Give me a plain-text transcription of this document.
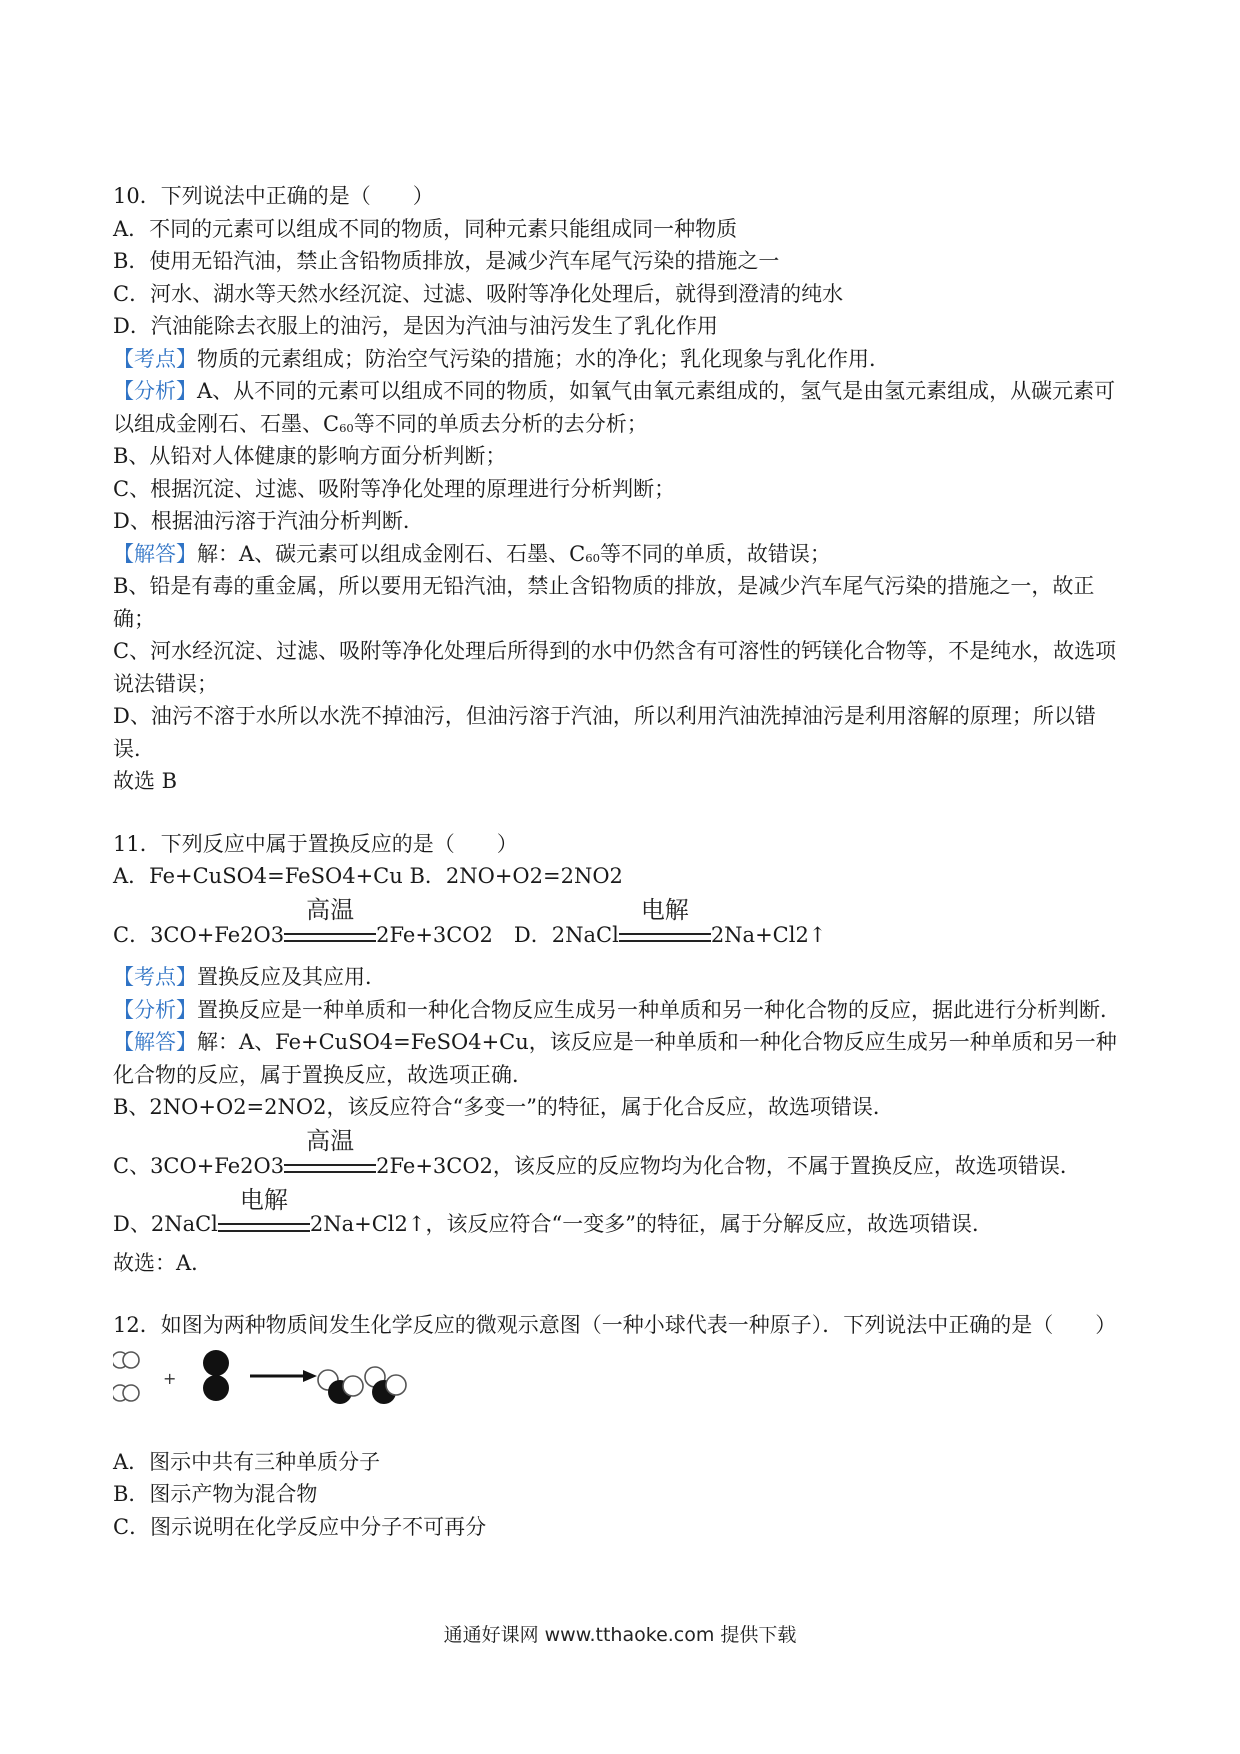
10．下列说法中正确的是（　　）
A．不同的元素可以组成不同的物质，同种元素只能组成同一种物质
B．使用无铅汽油，禁止含铅物质排放，是减少汽车尾气污染的措施之一
C．河水、湖水等天然水经沉淀、过滤、吸附等净化处理后，就得到澄清的纯水
D．汽油能除去衣服上的油污，是因为汽油与油污发生了乳化作用
【考点】物质的元素组成；防治空气污染的措施；水的净化；乳化现象与乳化作用．
【分析】A、从不同的元素可以组成不同的物质，如氧气由氧元素组成的，氢气是由氢元素组成，从碳元素可以组成金刚石、石墨、$C_{60}$等不同的单质去分析的去分析；
B、从铅对人体健康的影响方面分析判断；
C、根据沉淀、过滤、吸附等净化处理的原理进行分析判断；
D、根据油污溶于汽油分析判断．
【解答】解：A、碳元素可以组成金刚石、石墨、$C_{60}$等不同的单质，故错误；
B、铅是有毒的重金属，所以要用无铅汽油，禁止含铅物质的排放，是减少汽车尾气污染的措施之一，故正确；
C、河水经沉淀、过滤、吸附等净化处理后所得到的水中仍然含有可溶性的钙镁化合物等，不是纯水，故选项说法错误；
D、油污不溶于水所以水洗不掉油污，但油污溶于汽油，所以利用汽油洗掉油污是利用溶解的原理；所以错误．
故选 B
11．下列反应中属于置换反应的是（　　）
A．Fe+CuSO4=FeSO4+Cu B．2NO+O2=2NO2
C．3CO+Fe2O3
高温
2Fe+3CO2　D．2NaCl
电解
2Na+Cl2↑
【考点】置换反应及其应用．
【分析】置换反应是一种单质和一种化合物反应生成另一种单质和另一种化合物的反应，据此进行分析判断．
【解答】解：A、Fe+CuSO4=FeSO4+Cu，该反应是一种单质和一种化合物反应生成另一种单质和另一种化合物的反应，属于置换反应，故选项正确．
B、2NO+O2=2NO2，该反应符合“多变一”的特征，属于化合反应，故选项错误．
C、3CO+Fe2O3
高温
2Fe+3CO2，该反应的反应物均为化合物，不属于置换反应，故选项错误．
D、2NaCl
电解
2Na+Cl2↑，该反应符合“一变多”的特征，属于分解反应，故选项错误．
故选：A．
12．如图为两种物质间发生化学反应的微观示意图（一种小球代表一种原子）．下列说法中正确的是（　　）
+
A．图示中共有三种单质分子
B．图示产物为混合物
C．图示说明在化学反应中分子不可再分
通通好课网 www.tthaoke.com 提供下载
